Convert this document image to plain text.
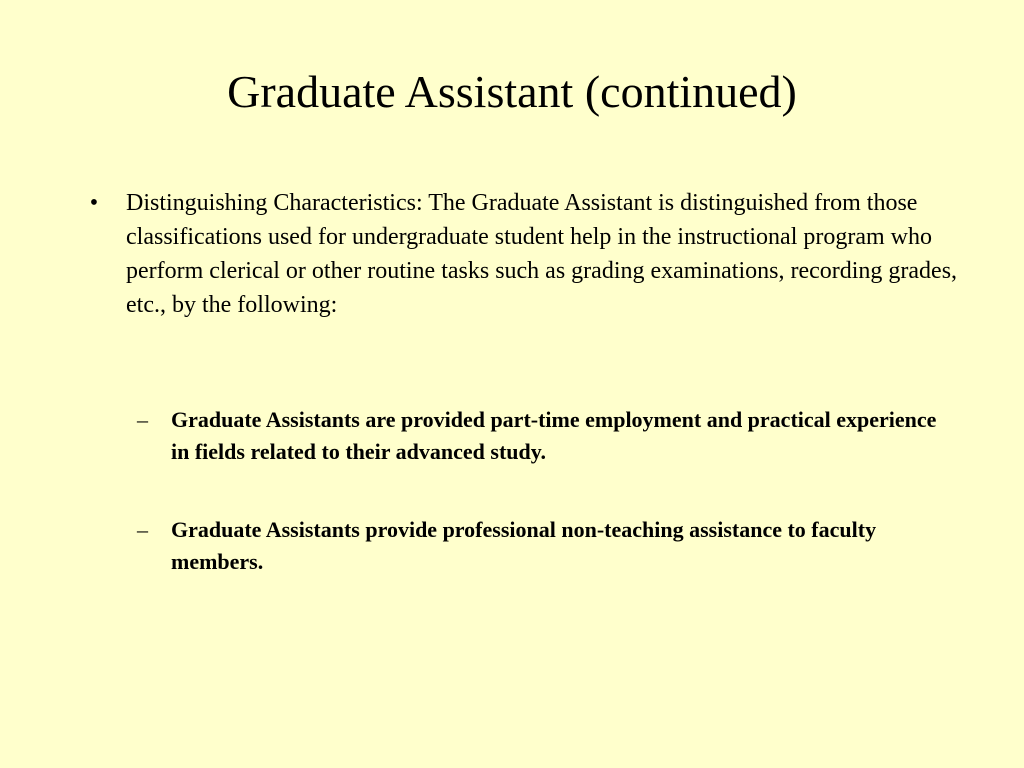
Graduate Assistant (continued)
• Distinguishing Characteristics: The Graduate Assistant is distinguished from those classifications used for undergraduate student help in the instructional program who perform clerical or other routine tasks such as grading examinations, recording grades, etc., by the following:
– Graduate Assistants are provided part-time employment and practical experience in fields related to their advanced study.
– Graduate Assistants provide professional non-teaching assistance to faculty members.
